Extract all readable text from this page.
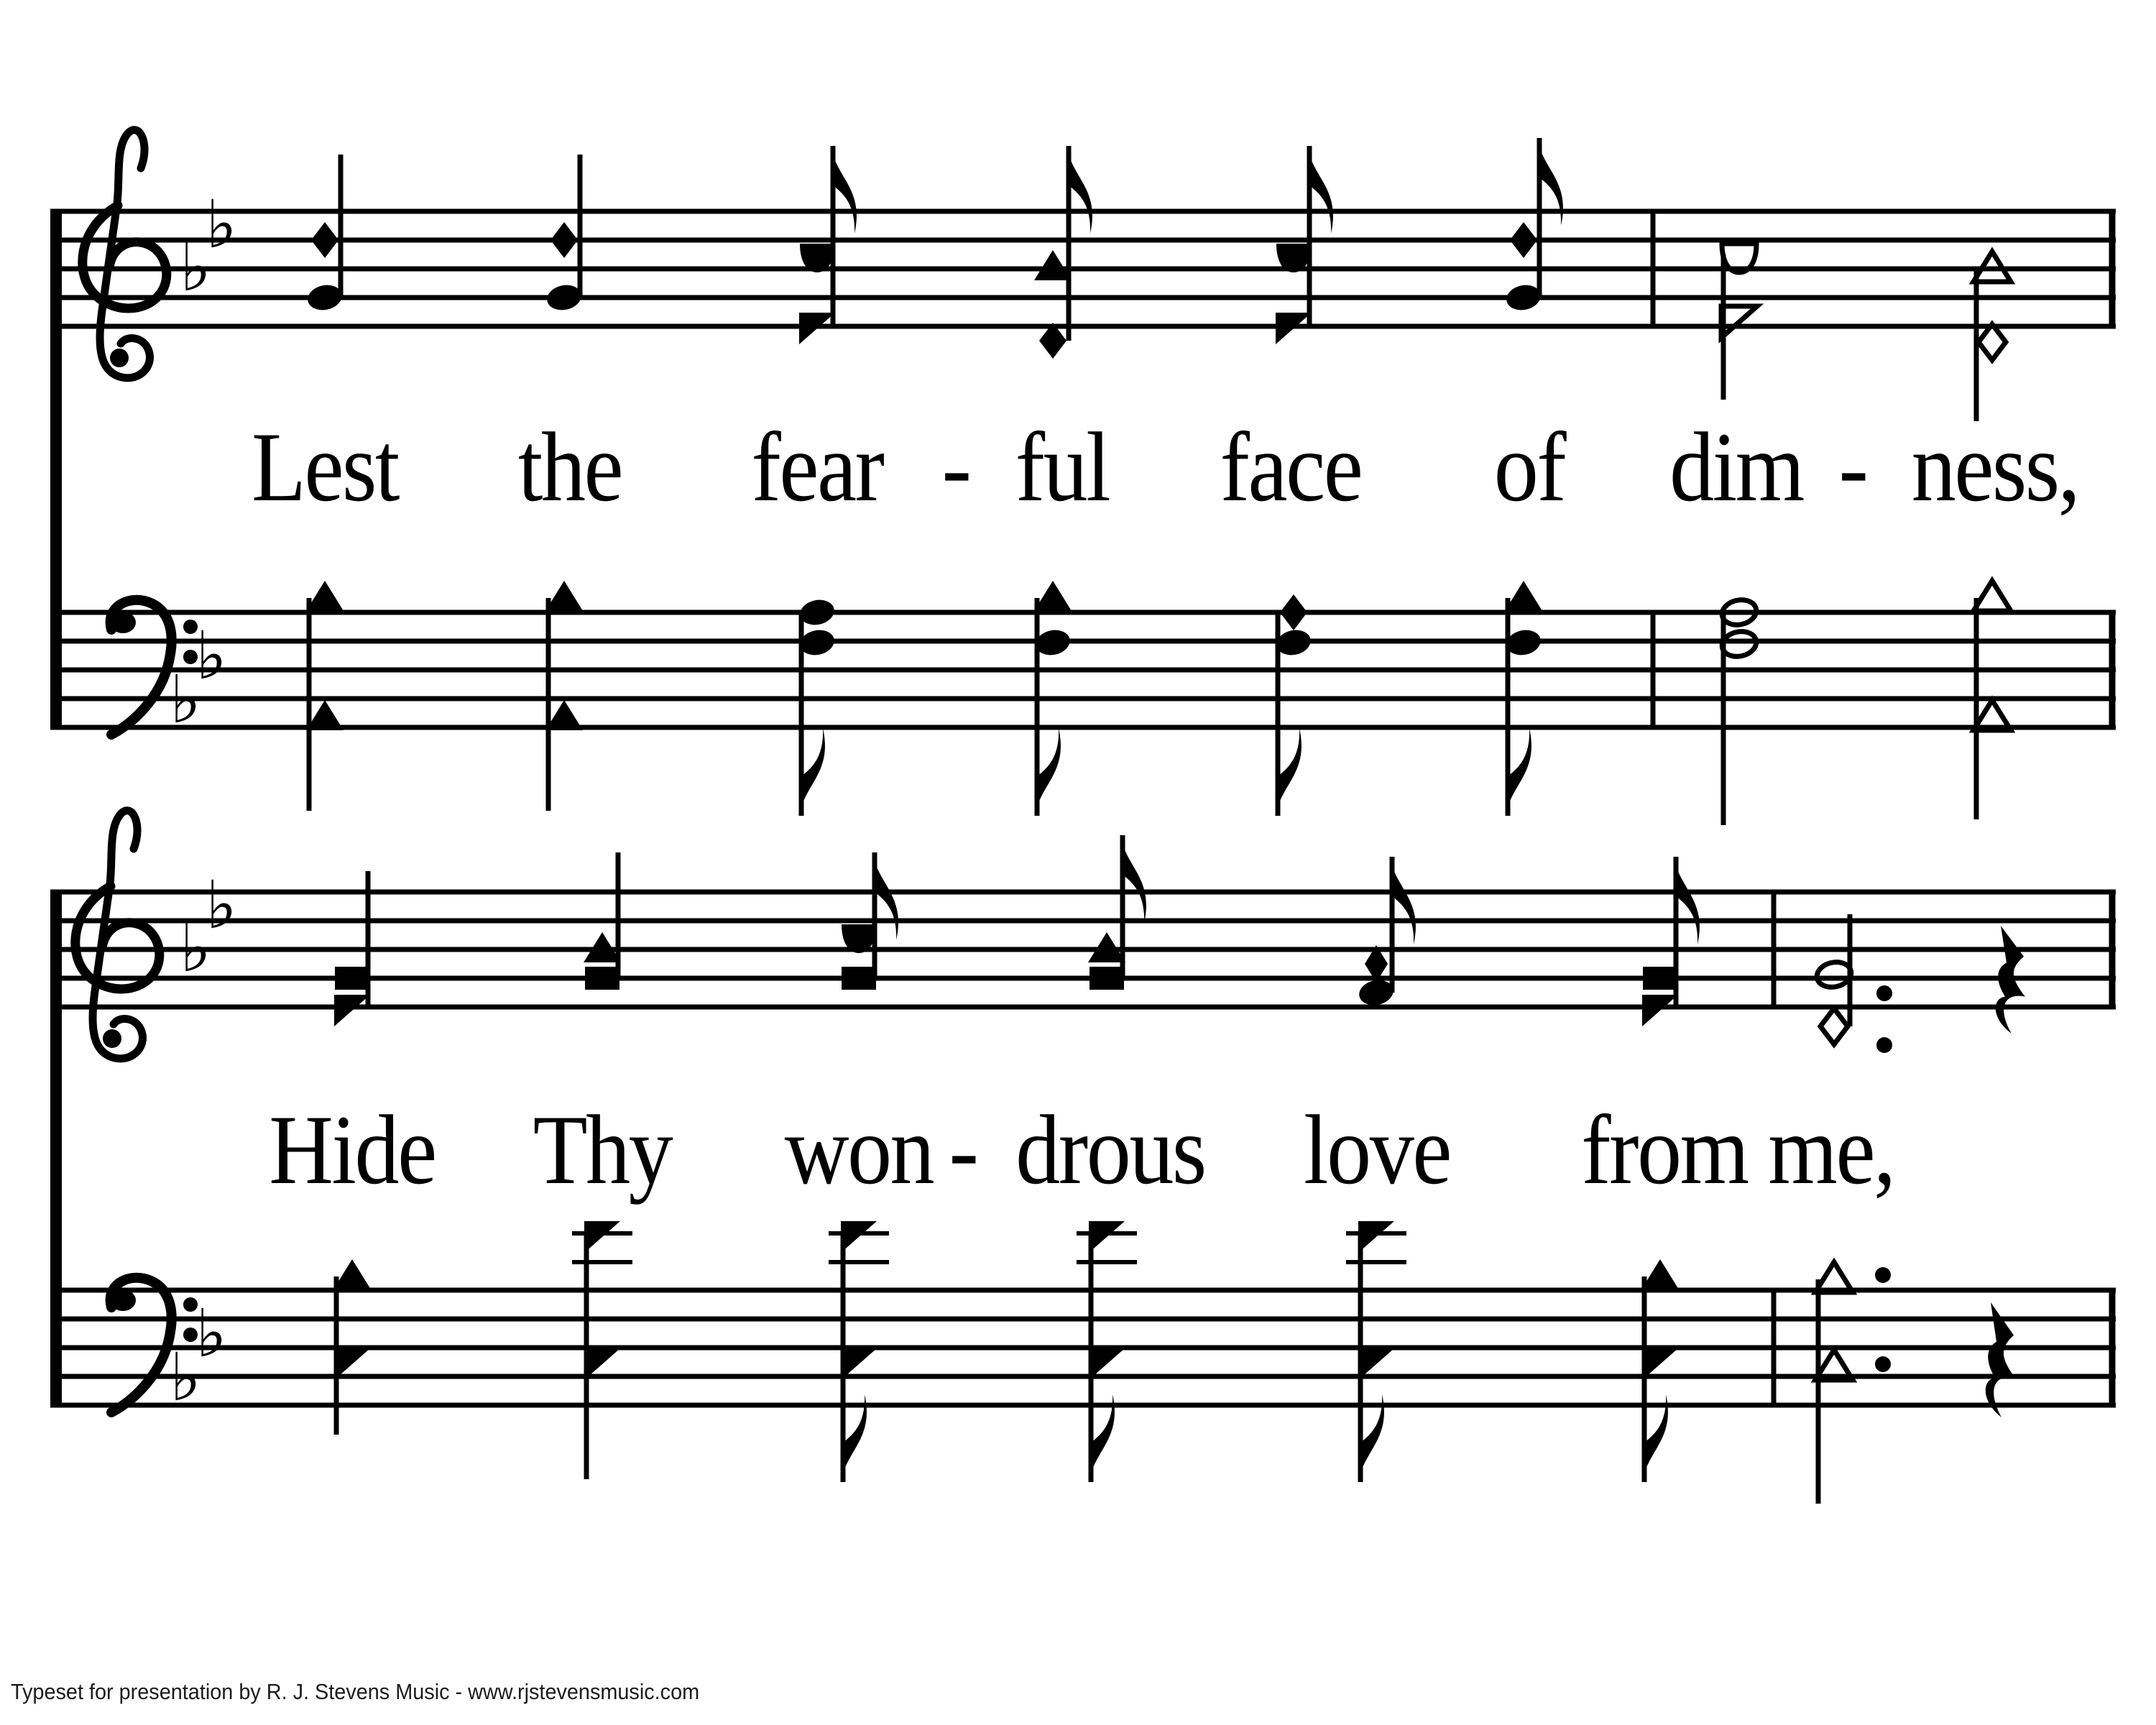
♭
♭
♭
♭
♭
♭
♭
♭
Lest the fear - ful face of dim - ness,
Hide Thy won - drous love from me,
Typeset for presentation by R. J. Stevens Music - www.rjstevensmusic.com
